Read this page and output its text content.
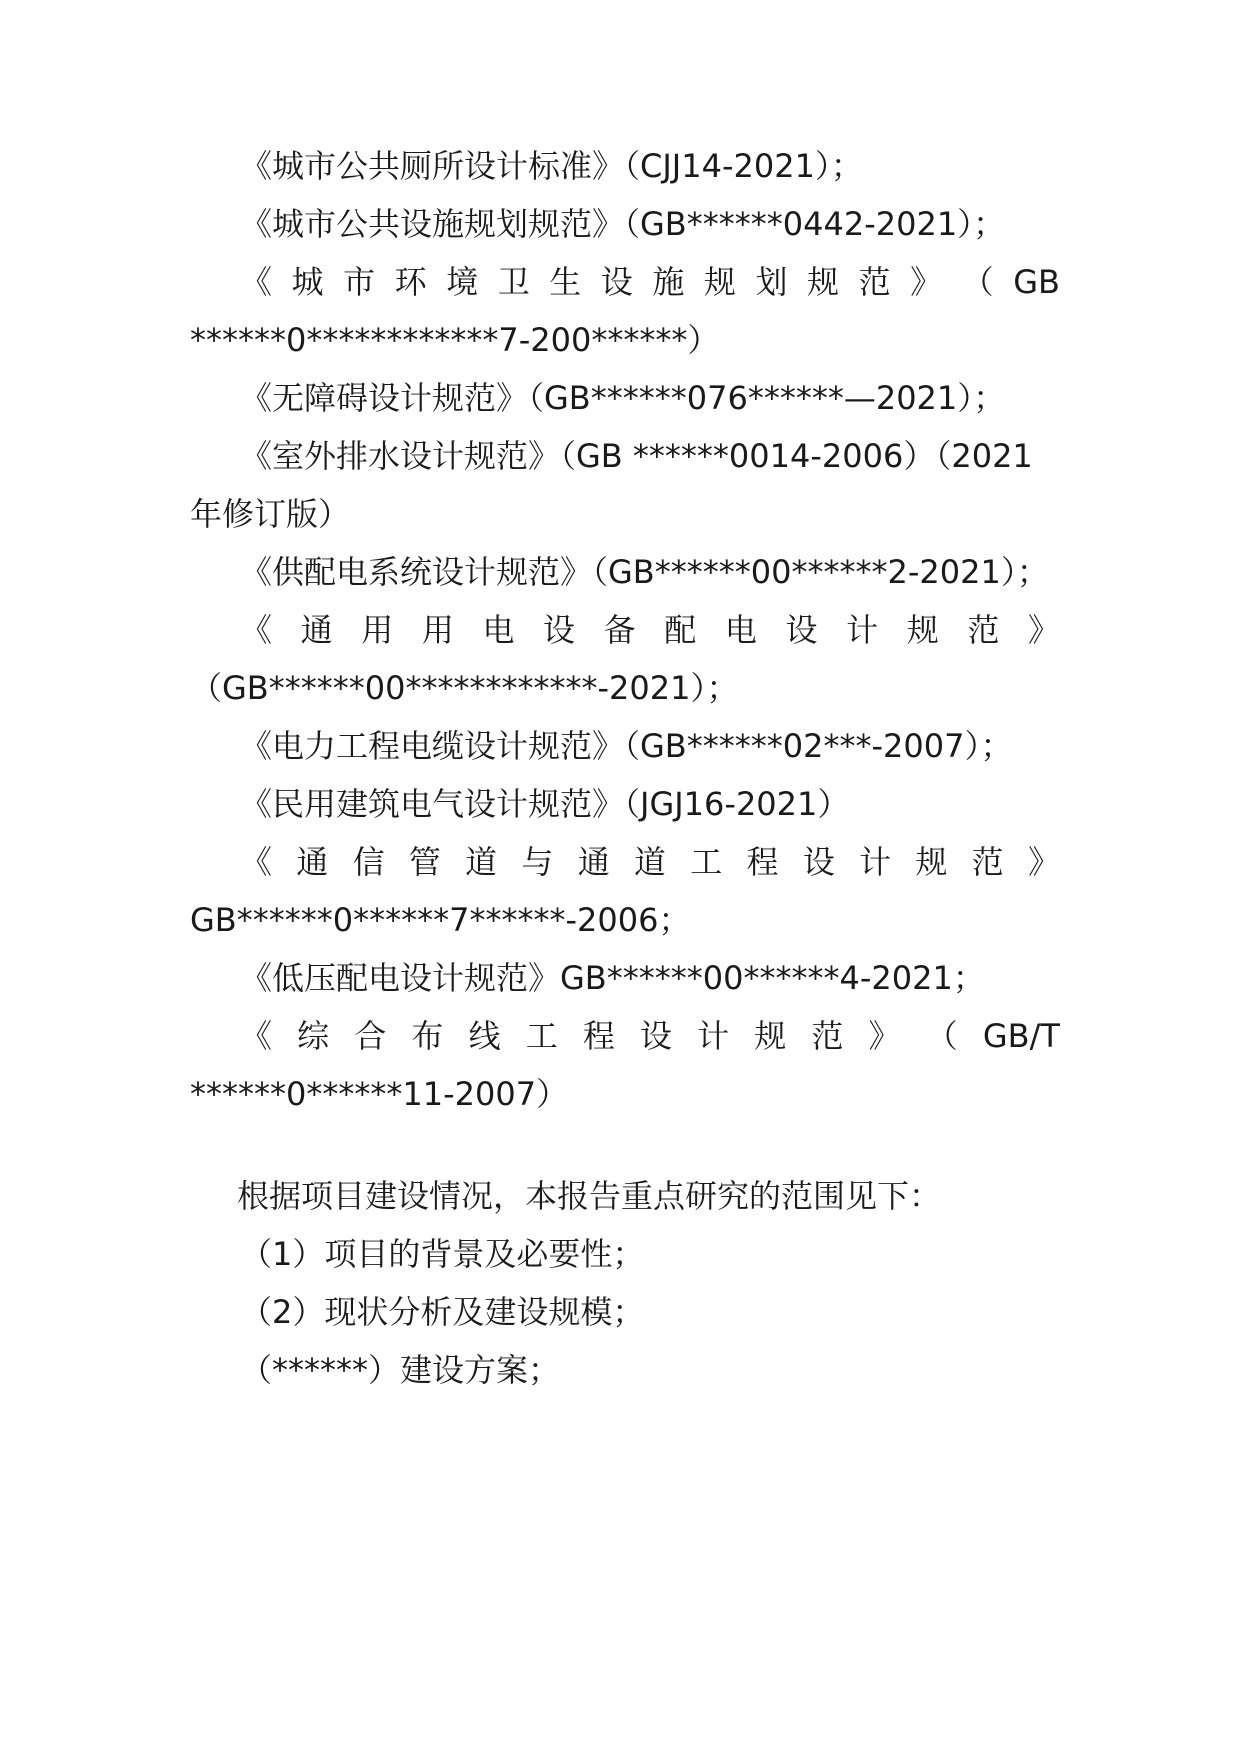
《城市公共厕所设计标准》（CJJ14-2021）；
《城市公共设施规划规范》（GB******0442-2021）；
《 城 市 环 境 卫 生 设 施 规 划 规 范 》 （ GB
******0************7-200******）
《无障碍设计规范》（GB******076******—2021）；
《室外排水设计规范》（GB ******0014-2006）（2021
年修订版）
《供配电系统设计规范》（GB******00******2-2021）；
《 通 用 用 电 设 备 配 电 设 计 规 范 》
（GB******00************-2021）；
《电力工程电缆设计规范》（GB******02***-2007）；
《民用建筑电气设计规范》（JGJ16-2021）
《 通 信 管 道 与 通 道 工 程 设 计 规 范 》
GB******0******7******-2006；
《低压配电设计规范》GB******00******4-2021；
《 综 合 布 线 工 程 设 计 规 范 》 （ GB/T
******0******11-2007）
根据项目建设情况，本报告重点研究的范围见下：
（1）项目的背景及必要性；
（2）现状分析及建设规模；
（******）建设方案；
